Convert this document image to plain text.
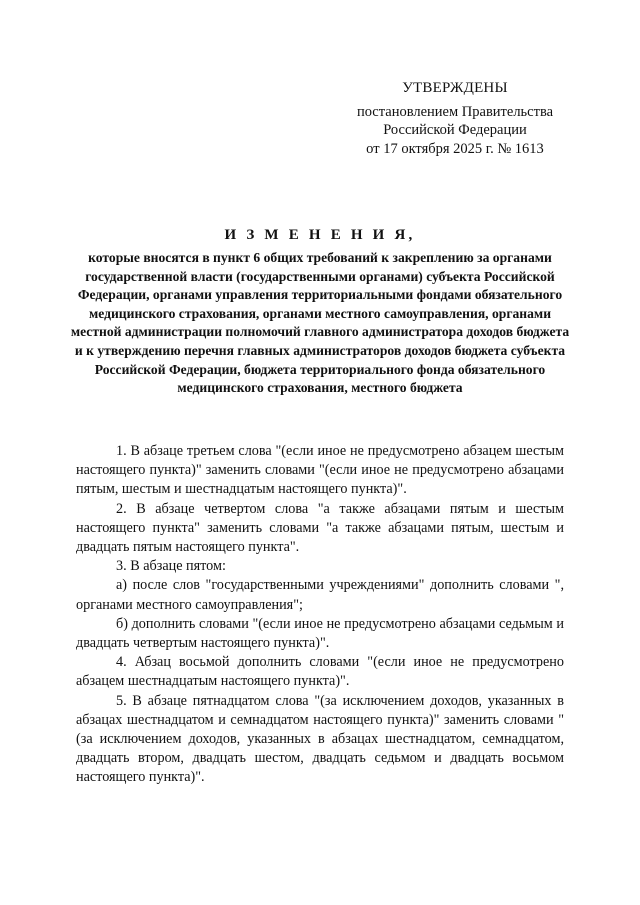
УТВЕРЖДЕНЫ
постановлением Правительства
Российской Федерации
от 17 октября 2025 г. № 1613
И З М Е Н Е Н И Я,
которые вносятся в пункт 6 общих требований к закреплению за органами государственной власти (государственными органами) субъекта Российской Федерации, органами управления территориальными фондами обязательного медицинского страхования, органами местного самоуправления, органами местной администрации полномочий главного администратора доходов бюджета и к утверждению перечня главных администраторов доходов бюджета субъекта Российской Федерации, бюджета территориального фонда обязательного медицинского страхования, местного бюджета

1. В абзаце третьем слова "(если иное не предусмотрено абзацем шестым настоящего пункта)" заменить словами "(если иное не предусмотрено абзацами пятым, шестым и шестнадцатым настоящего пункта)".

2. В абзаце четвертом слова "а также абзацами пятым и шестым настоящего пункта" заменить словами "а также абзацами пятым, шестым и двадцать пятым настоящего пункта".

3. В абзаце пятом:

а) после слов "государственными учреждениями" дополнить словами ", органами местного самоуправления";

б) дополнить словами "(если иное не предусмотрено абзацами седьмым и двадцать четвертым настоящего пункта)".

4. Абзац восьмой дополнить словами "(если иное не предусмотрено абзацем шестнадцатым настоящего пункта)".

5. В абзаце пятнадцатом слова "(за исключением доходов, указанных в абзацах шестнадцатом и семнадцатом настоящего пункта)" заменить словами "(за исключением доходов, указанных в абзацах шестнадцатом, семнадцатом, двадцать втором, двадцать шестом, двадцать седьмом и двадцать восьмом настоящего пункта)".
